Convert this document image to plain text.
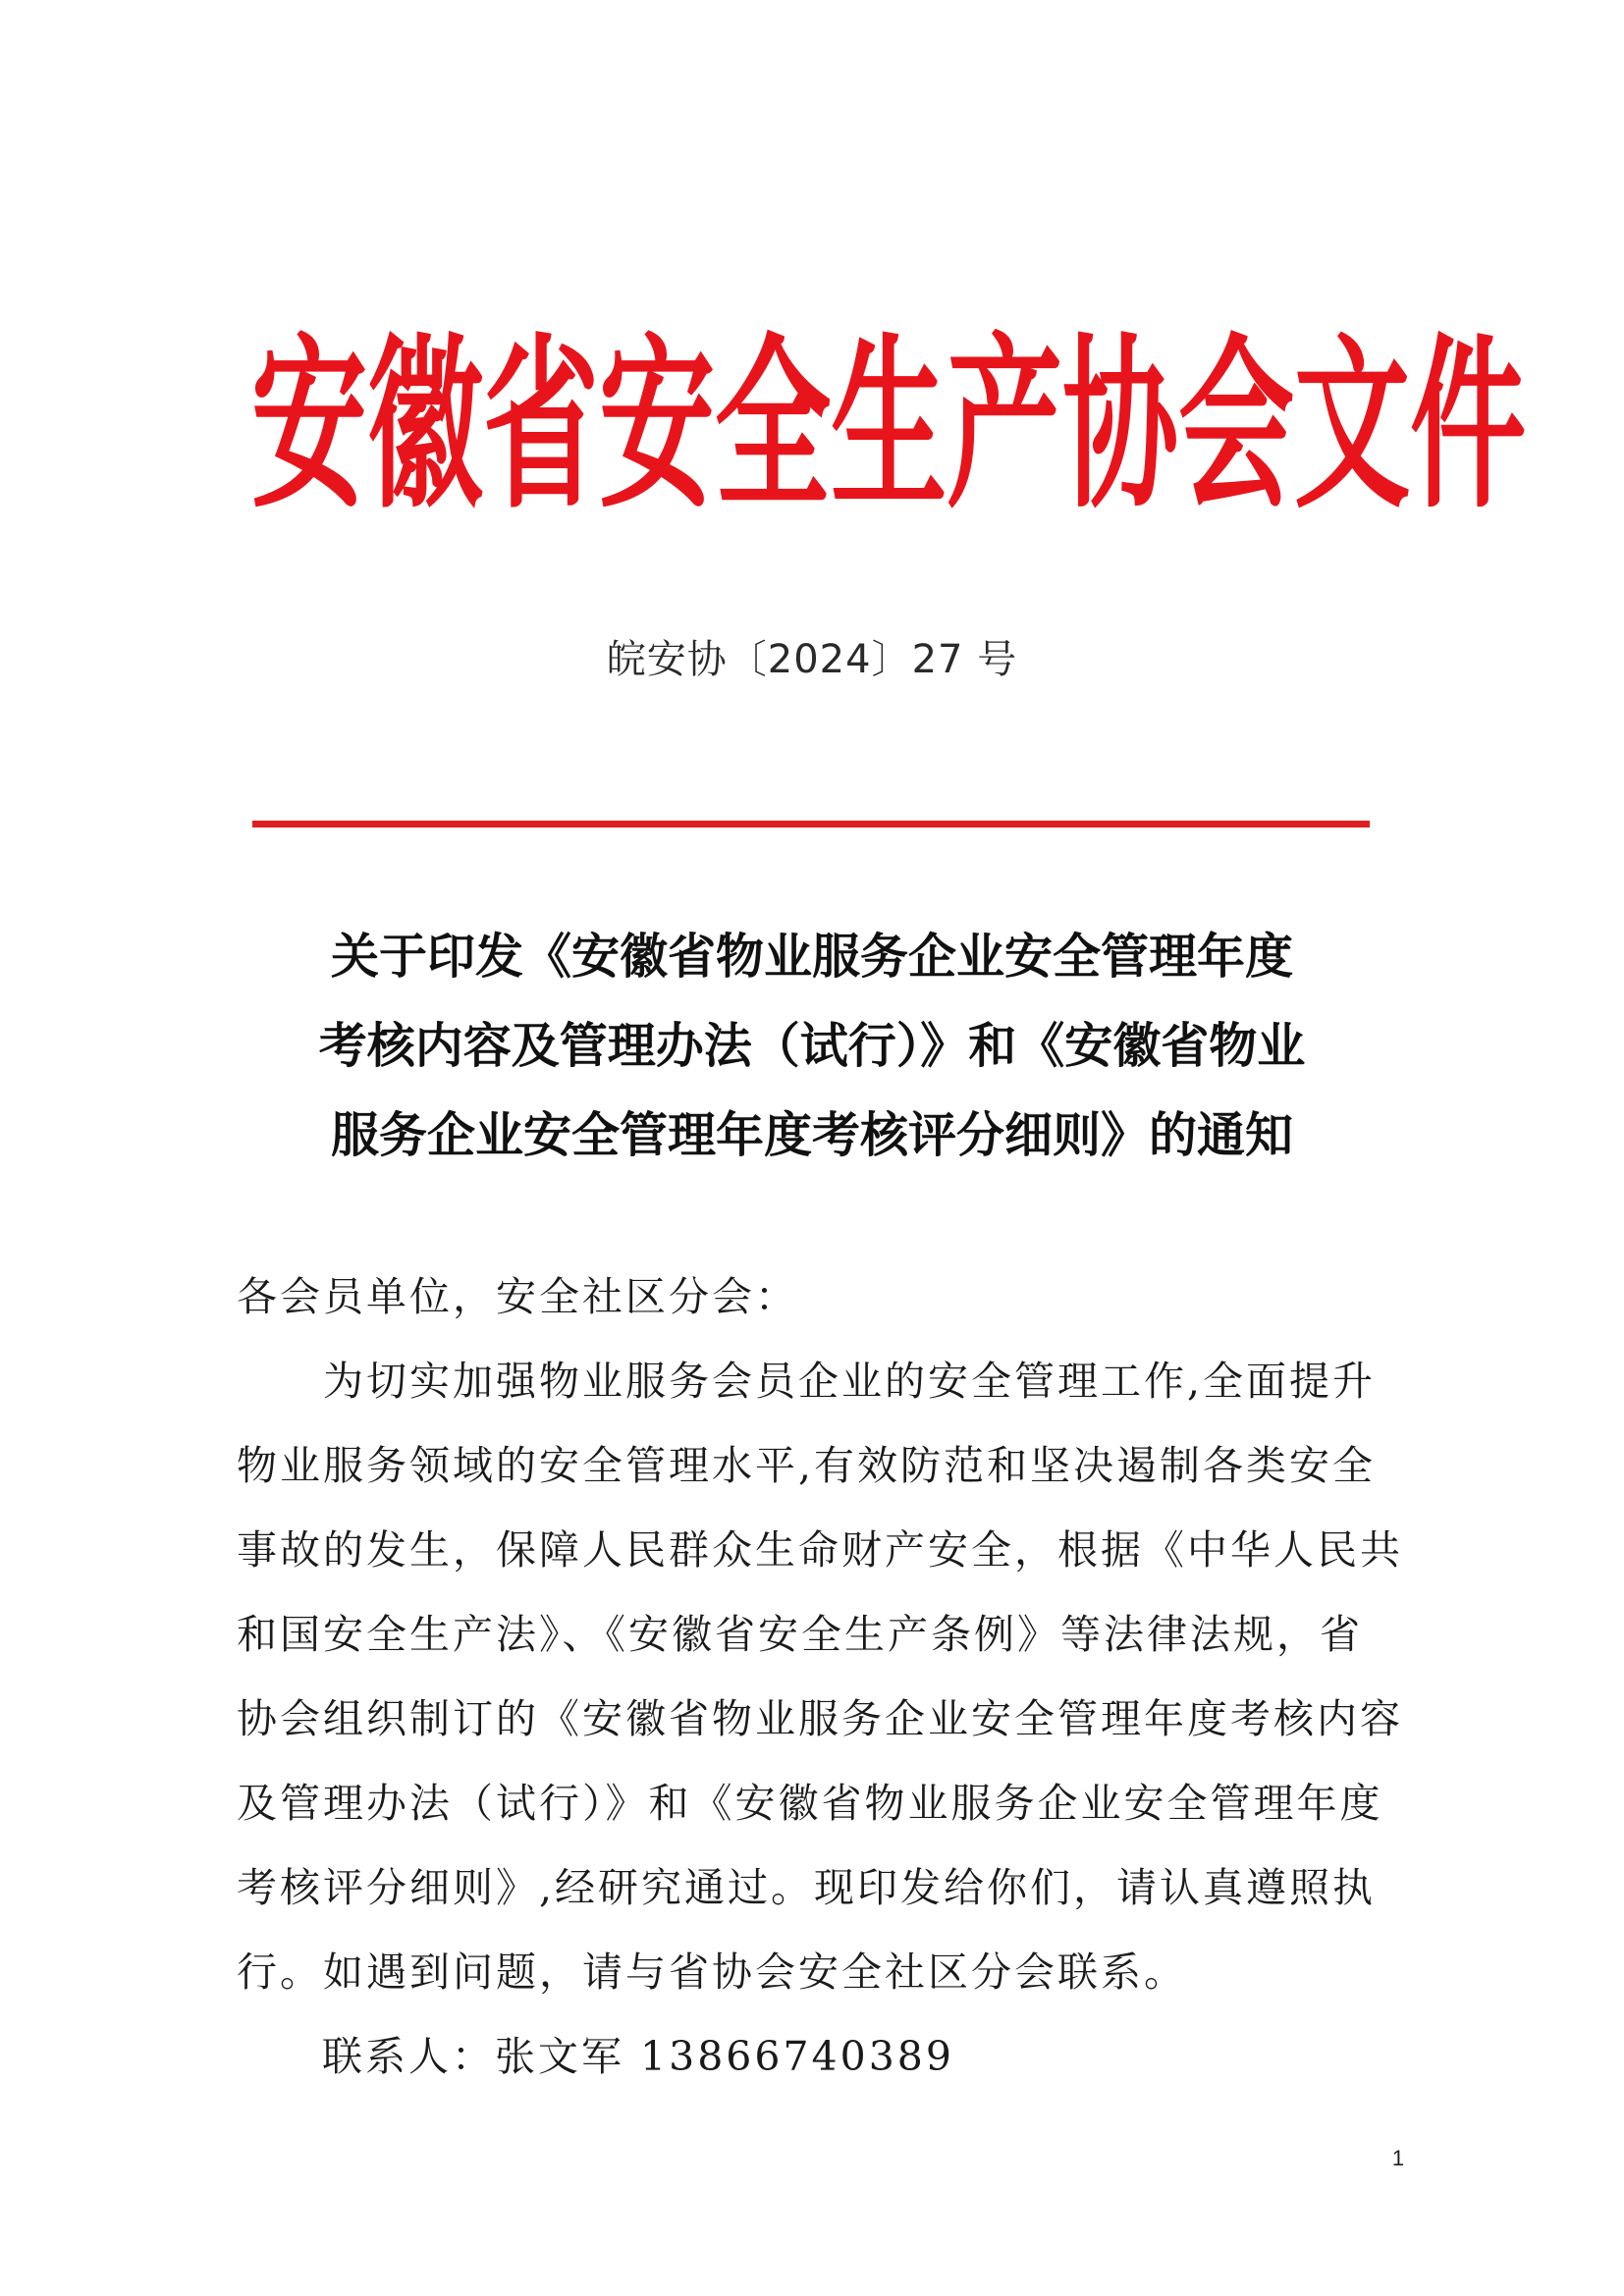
安 徽 省 安 全 生 产 协 会 文 件
皖安协〔2024〕27 号
关于印发《安徽省物业服务企业安全管理年度
考核内容及管理办法（试行）》和《安徽省物业
服务企业安全管理年度考核评分细则》的通知

各会员单位，安全社区分会：

　　为切实加强物业服务会员企业的安全管理工作,全面提升
物业服务领域的安全管理水平,有效防范和坚决遏制各类安全
事故的发生，保障人民群众生命财产安全，根据《中华人民共
和国安全生产法》、《安徽省安全生产条例》等法律法规，省
协会组织制订的《安徽省物业服务企业安全管理年度考核内容
及管理办法（试行）》和《安徽省物业服务企业安全管理年度
考核评分细则》,经研究通过。现印发给你们，请认真遵照执
行。如遇到问题，请与省协会安全社区分会联系。

联系人：张文军 13866740389

1
